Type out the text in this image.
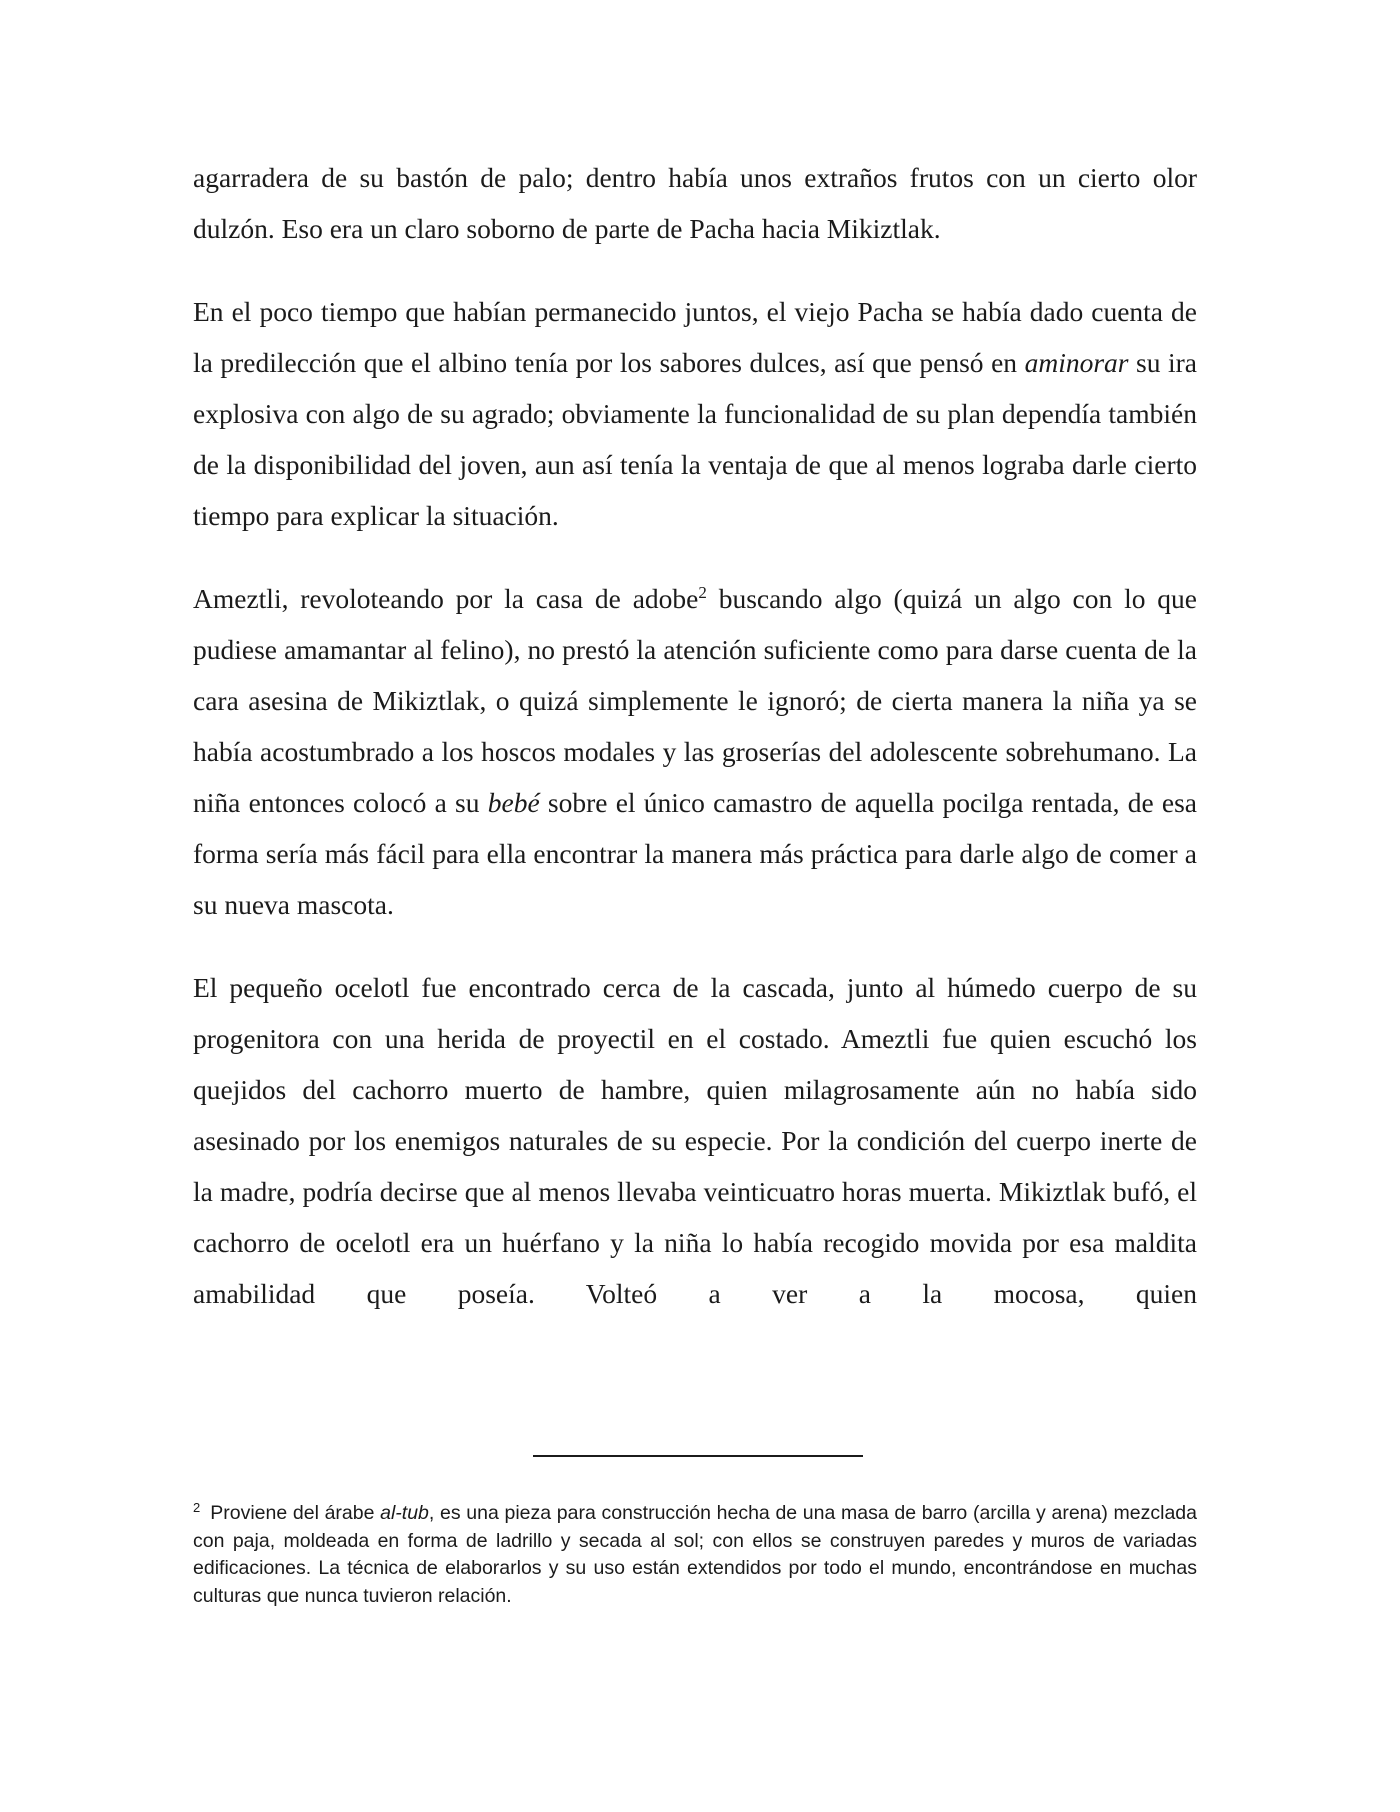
agarradera de su bastón de palo; dentro había unos extraños frutos con un cierto olor dulzón. Eso era un claro soborno de parte de Pacha hacia Mikiztlak.

En el poco tiempo que habían permanecido juntos, el viejo Pacha se había dado cuenta de la predilección que el albino tenía por los sabores dulces, así que pensó en aminorar su ira explosiva con algo de su agrado; obviamente la funcionalidad de su plan dependía también de la disponibilidad del joven, aun así tenía la ventaja de que al menos lograba darle cierto tiempo para explicar la situación.

Ameztli, revoloteando por la casa de adobe$^2$ buscando algo (quizá un algo con lo que pudiese amamantar al felino), no prestó la atención suficiente como para darse cuenta de la cara asesina de Mikiztlak, o quizá simplemente le ignoró; de cierta manera la niña ya se había acostumbrado a los hoscos modales y las groserías del adolescente sobrehumano. La niña entonces colocó a su bebé sobre el único camastro de aquella pocilga rentada, de esa forma sería más fácil para ella encontrar la manera más práctica para darle algo de comer a su nueva mascota.

El pequeño ocelotl fue encontrado cerca de la cascada, junto al húmedo cuerpo de su progenitora con una herida de proyectil en el costado. Ameztli fue quien escuchó los quejidos del cachorro muerto de hambre, quien milagrosamente aún no había sido asesinado por los enemigos naturales de su especie. Por la condición del cuerpo inerte de la madre, podría decirse que al menos llevaba veinticuatro horas muerta. Mikiztlak bufó, el cachorro de ocelotl era un huérfano y la niña lo había recogido movida por esa maldita amabilidad que poseía. Volteó a ver a la mocosa, quien

$^2$ Proviene del árabe al-tub, es una pieza para construcción hecha de una masa de barro (arcilla y arena) mezclada con paja, moldeada en forma de ladrillo y secada al sol; con ellos se construyen paredes y muros de variadas edificaciones. La técnica de elaborarlos y su uso están extendidos por todo el mundo, encontrándose en muchas culturas que nunca tuvieron relación.
